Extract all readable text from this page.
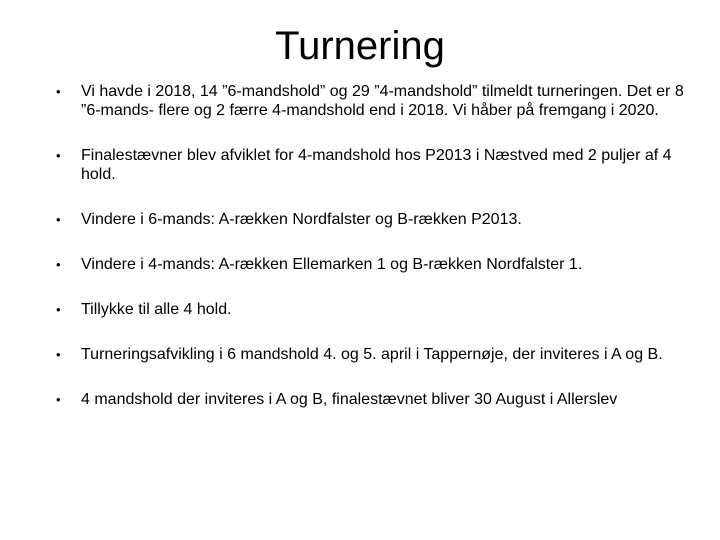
Turnering
• Vi havde i 2018, 14 ”6-mandshold” og 29 ”4-mandshold” tilmeldt turneringen. Det er 8 ”6-mands- flere og 2 færre 4-mandshold end i 2018. Vi håber på fremgang i 2020.
• Finalestævner blev afviklet for 4-mandshold hos P2013 i Næstved med 2 puljer af 4 hold.
• Vindere i 6-mands: A-rækken Nordfalster og B-rækken P2013.
• Vindere i 4-mands: A-rækken Ellemarken 1 og B-rækken Nordfalster 1.
• Tillykke til alle 4 hold.
• Turneringsafvikling i 6 mandshold 4. og 5. april i Tappernøje, der inviteres i A og B.
• 4 mandshold der inviteres i A og B, finalestævnet bliver 30 August i Allerslev
